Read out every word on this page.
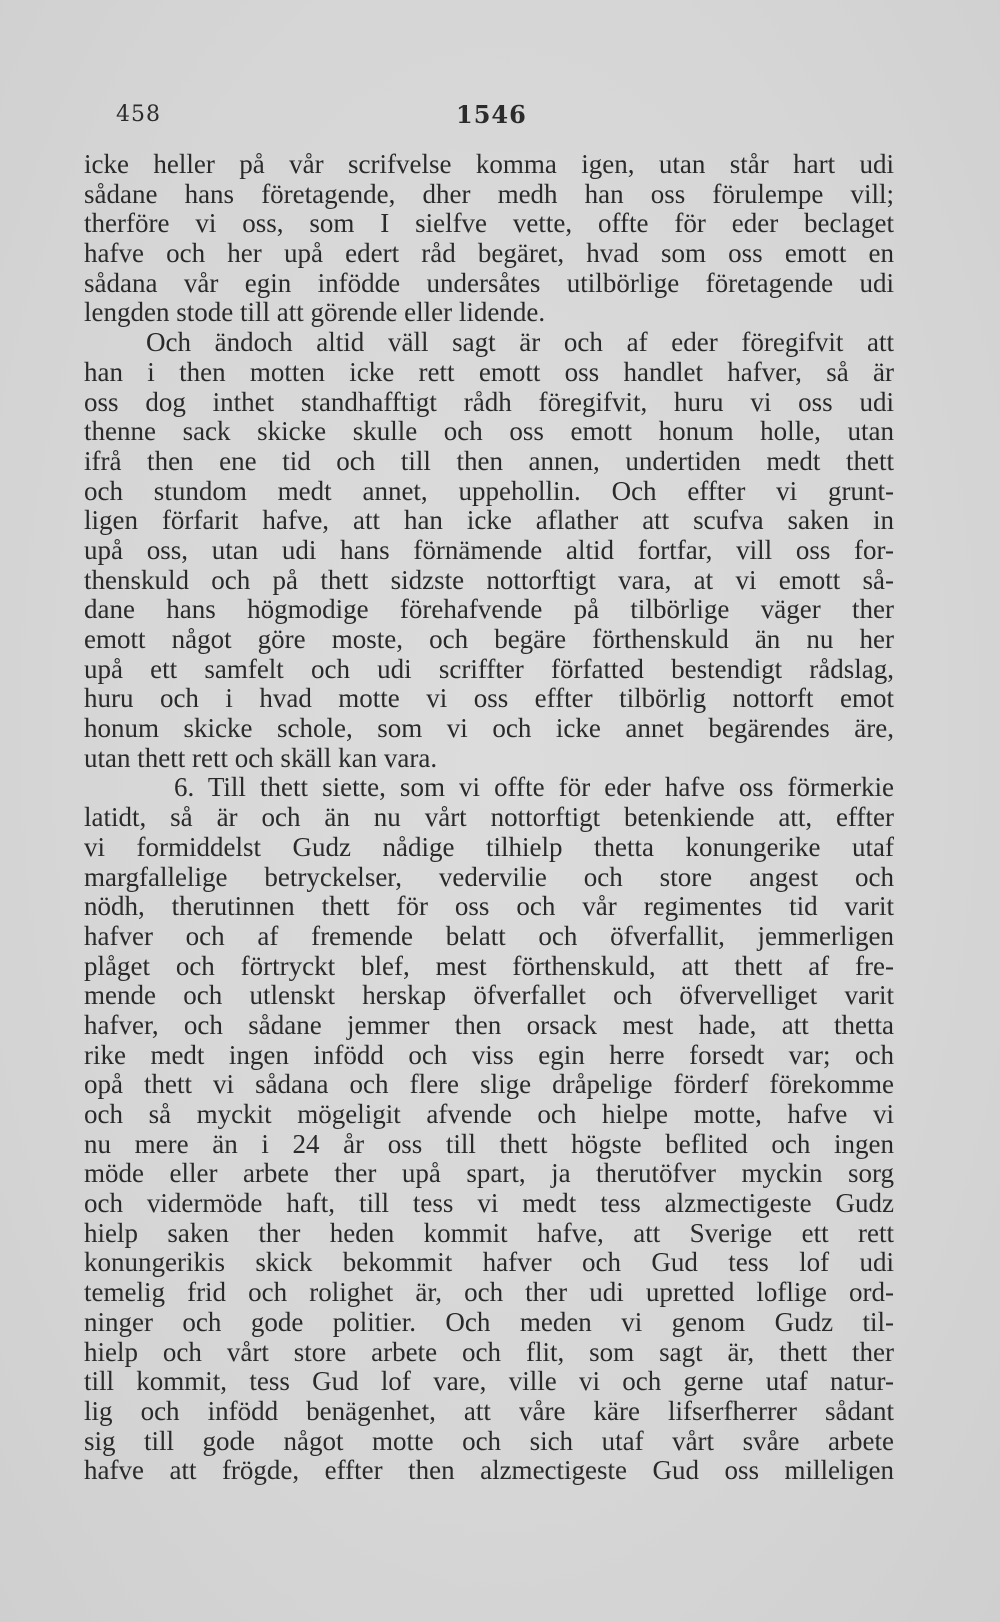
458	1546
icke heller på vår scrifvelse komma igen, utan står hart udi
sådane hans företagende, dher medh han oss förulempe vill;
therföre vi oss, som I sielfve vette, offte för eder beclaget
hafve och her upå edert råd begäret, hvad som oss emott en
sådana vår egin infödde undersåtes utilbörlige företagende udi
lengden stode till att görende eller lidende.
Och ändoch altid väll sagt är och af eder föregifvit att
han i then motten icke rett emott oss handlet hafver, så är
oss dog inthet standhafftigt rådh föregifvit, huru vi oss udi
thenne sack skicke skulle och oss emott honum holle, utan
ifrå then ene tid och till then annen, undertiden medt thett
och stundom medt annet, uppehollin. Och effter vi grunt-
ligen förfarit hafve, att han icke aflather att scufva saken in
upå oss, utan udi hans förnämende altid fortfar, vill oss for-
thenskuld och på thett sidzste nottorftigt vara, at vi emott så-
dane hans högmodige förehafvende på tilbörlige väger ther
emott något göre moste, och begäre förthenskuld än nu her
upå ett samfelt och udi scriffter författed bestendigt rådslag,
huru och i hvad motte vi oss effter tilbörlig nottorft emot
honum skicke schole, som vi och icke annet begärendes äre,
utan thett rett och skäll kan vara.
6. Till thett siette, som vi offte för eder hafve oss förmerkie
latidt, så är och än nu vårt nottorftigt betenkiende att, effter
vi formiddelst Gudz nådige tilhielp thetta konungerike utaf
margfallelige betryckelser, vedervilie och store angest och
nödh, therutinnen thett för oss och vår regimentes tid varit
hafver och af fremende belatt och öfverfallit, jemmerligen
plåget och förtryckt blef, mest förthenskuld, att thett af fre-
mende och utlenskt herskap öfverfallet och öfvervelliget varit
hafver, och sådane jemmer then orsack mest hade, att thetta
rike medt ingen infödd och viss egin herre forsedt var; och
opå thett vi sådana och flere slige dråpelige förderf förekomme
och så myckit mögeligit afvende och hielpe motte, hafve vi
nu mere än i 24 år oss till thett högste beflited och ingen
möde eller arbete ther upå spart, ja therutöfver myckin sorg
och vidermöde haft, till tess vi medt tess alzmectigeste Gudz
hielp saken ther heden kommit hafve, att Sverige ett rett
konungerikis skick bekommit hafver och Gud tess lof udi
temelig frid och rolighet är, och ther udi upretted loflige ord-
ninger och gode politier. Och meden vi genom Gudz til-
hielp och vårt store arbete och flit, som sagt är, thett ther
till kommit, tess Gud lof vare, ville vi och gerne utaf natur-
lig och infödd benägenhet, att våre käre lifserfherrer sådant
sig till gode något motte och sich utaf vårt svåre arbete
hafve att frögde, effter then alzmectigeste Gud oss milleligen
